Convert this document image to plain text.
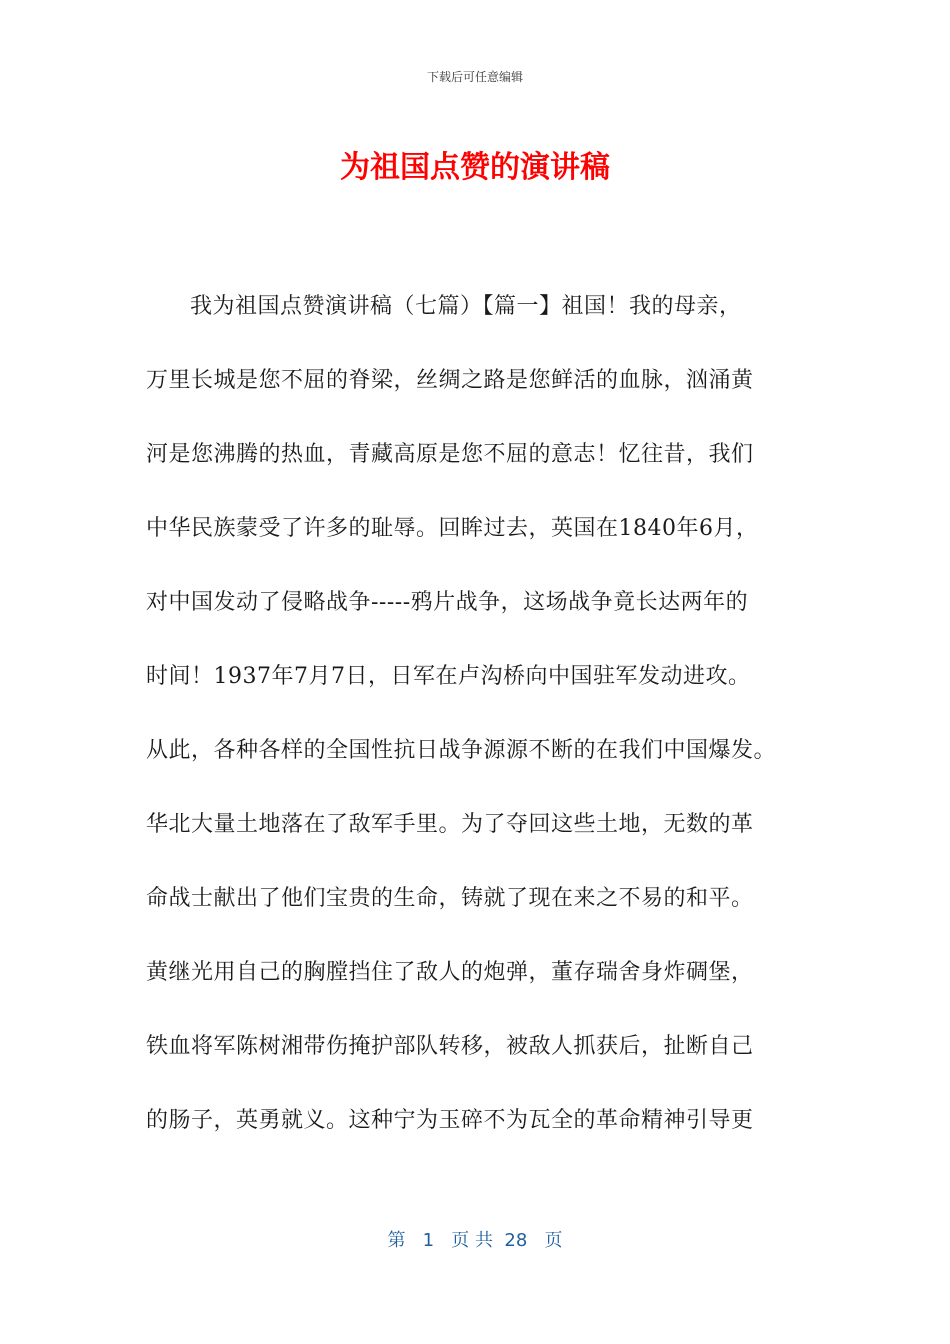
下载后可任意编辑
为祖国点赞的演讲稿
我为祖国点赞演讲稿（七篇）【篇一】祖国！我的母亲，
万里长城是您不屈的脊梁，丝绸之路是您鲜活的血脉，汹涌黄
河是您沸腾的热血，青藏高原是您不屈的意志！忆往昔，我们
中华民族蒙受了许多的耻辱。回眸过去，英国在1840年6月，
对中国发动了侵略战争-----鸦片战争，这场战争竟长达两年的
时间！1937年7月7日，日军在卢沟桥向中国驻军发动进攻。
从此，各种各样的全国性抗日战争源源不断的在我们中国爆发。
华北大量土地落在了敌军手里。为了夺回这些土地，无数的革
命战士献出了他们宝贵的生命，铸就了现在来之不易的和平。
黄继光用自己的胸膛挡住了敌人的炮弹，董存瑞舍身炸碉堡，
铁血将军陈树湘带伤掩护部队转移，被敌人抓获后，扯断自己
的肠子，英勇就义。这种宁为玉碎不为瓦全的革命精神引导更
第   1   页 共  28   页
